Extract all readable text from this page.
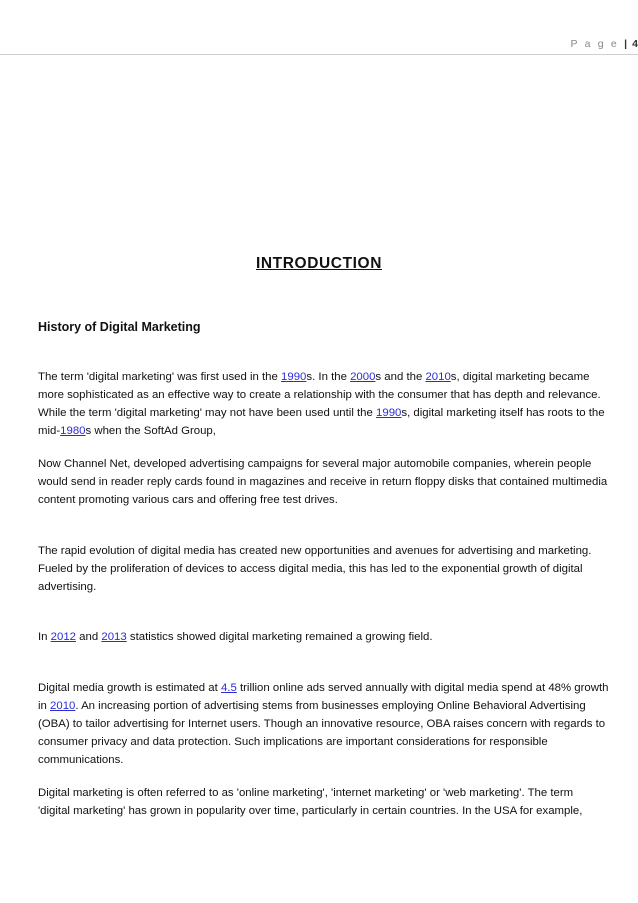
P a g e | 4
INTRODUCTION
History of Digital Marketing
The term 'digital marketing' was first used in the 1990s. In the 2000s and the 2010s, digital marketing became
more sophisticated as an effective way to create a relationship with the consumer that has depth and relevance.
While the term 'digital marketing' may not have been used until the 1990s, digital marketing itself has roots to the
mid-1980s when the SoftAd Group,
Now Channel Net, developed advertising campaigns for several major automobile companies, wherein people
would send in reader reply cards found in magazines and receive in return floppy disks that contained multimedia
content promoting various cars and offering free test drives.
The rapid evolution of digital media has created new opportunities and avenues for advertising and marketing.
Fueled by the proliferation of devices to access digital media, this has led to the exponential growth of digital
advertising.
In 2012 and 2013 statistics showed digital marketing remained a growing field.
Digital media growth is estimated at 4.5 trillion online ads served annually with digital media spend at 48% growth
in 2010. An increasing portion of advertising stems from businesses employing Online Behavioral Advertising
(OBA) to tailor advertising for Internet users. Though an innovative resource, OBA raises concern with regards to
consumer privacy and data protection. Such implications are important considerations for responsible
communications.
Digital marketing is often referred to as 'online marketing', 'internet marketing' or 'web marketing'. The term
'digital marketing' has grown in popularity over time, particularly in certain countries. In the USA for example,
